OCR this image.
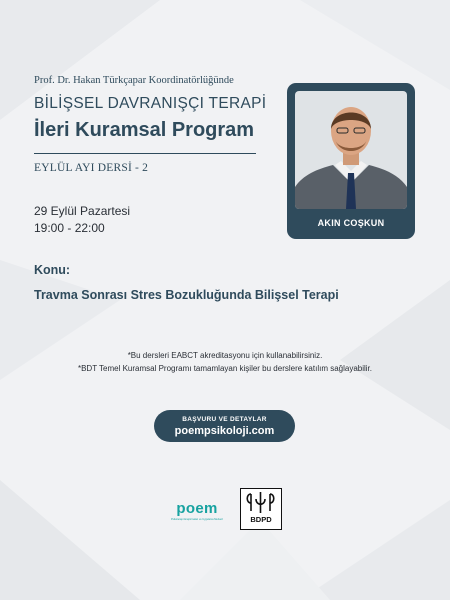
Prof. Dr. Hakan Türkçapar Koordinatörlüğünde
BİLİŞSEL DAVRANIŞÇI TERAPİ
İleri Kuramsal Program
EYLÜL AYI DERSİ - 2
29 Eylül Pazartesi
19:00 - 22:00	AKIN COŞKUN
Konu:
Travma Sonrası Stres Bozukluğunda Bilişsel Terapi
*Bu dersleri EABCT akreditasyonu için kullanabilirsiniz.
*BDT Temel Kuramsal Programı tamamlayan kişiler bu derslere katılım sağlayabilir.
BAŞVURU VE DETAYLAR
poempsikoloji.com
poem
Psikoterapi Araştırmaları ve Uygulama Merkezi	BDPD
